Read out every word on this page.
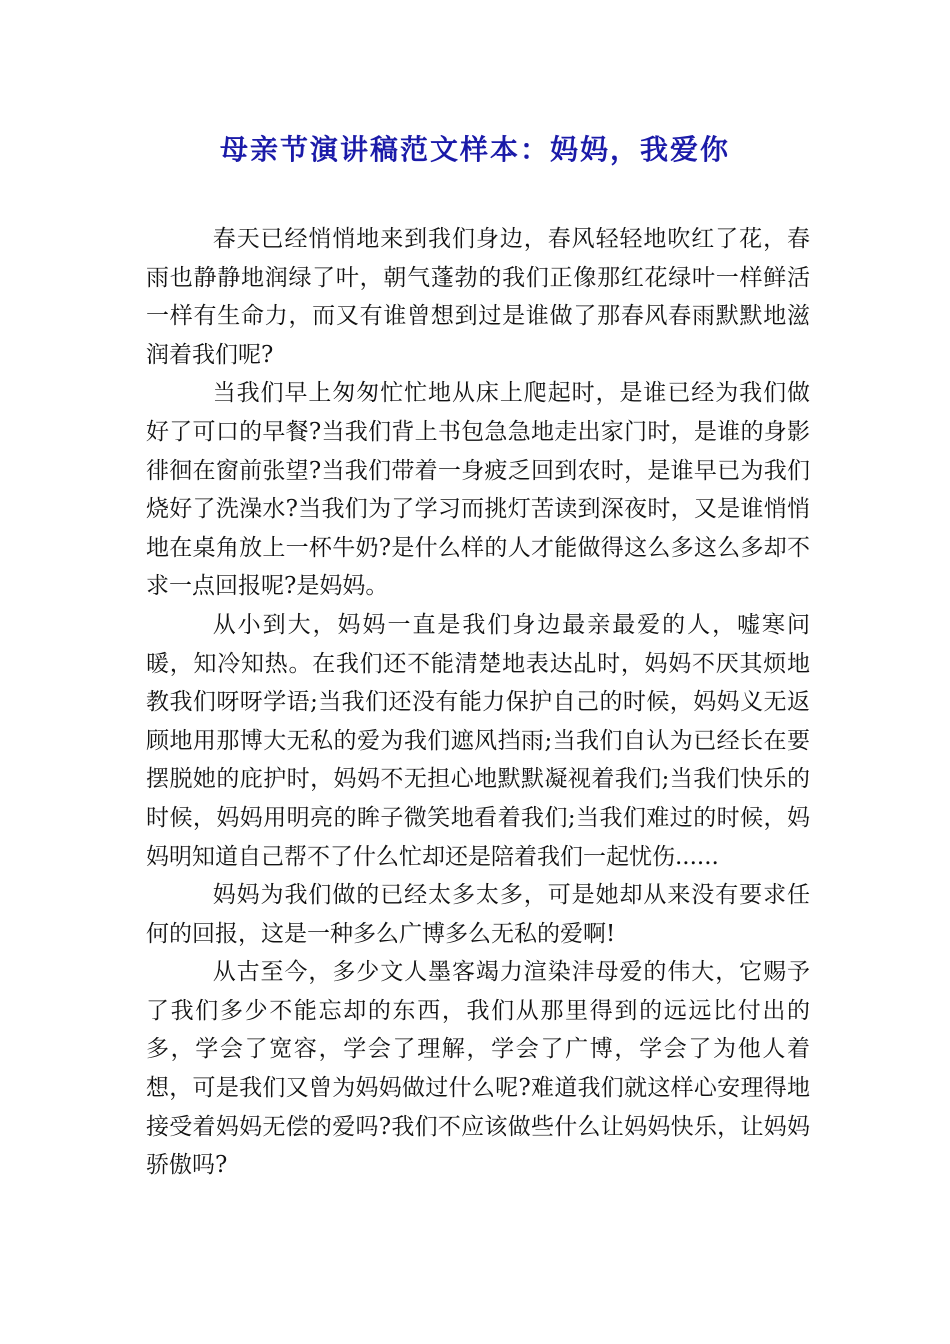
母亲节演讲稿范文样本：妈妈，我爱你

春天已经悄悄地来到我们身边，春风轻轻地吹红了花，春雨也静静地润绿了叶，朝气蓬勃的我们正像那红花绿叶一样鲜活一样有生命力，而又有谁曾想到过是谁做了那春风春雨默默地滋润着我们呢?

当我们早上匆匆忙忙地从床上爬起时，是谁已经为我们做好了可口的早餐?当我们背上书包急急地走出家门时，是谁的身影徘徊在窗前张望?当我们带着一身疲乏回到农时，是谁早已为我们烧好了洗澡水?当我们为了学习而挑灯苦读到深夜时，又是谁悄悄地在桌角放上一杯牛奶?是什么样的人才能做得这么多这么多却不求一点回报呢?是妈妈。

从小到大，妈妈一直是我们身边最亲最爱的人，嘘寒问暖，知冷知热。在我们还不能清楚地表达乩时，妈妈不厌其烦地教我们呀呀学语;当我们还没有能力保护自己的时候，妈妈义无返顾地用那博大无私的爱为我们遮风挡雨;当我们自认为已经长在要摆脱她的庇护时，妈妈不无担心地默默凝视着我们;当我们快乐的时候，妈妈用明亮的眸子微笑地看着我们;当我们难过的时候，妈妈明知道自己帮不了什么忙却还是陪着我们一起忧伤......

妈妈为我们做的已经太多太多，可是她却从来没有要求任何的回报，这是一种多么广博多么无私的爱啊!

从古至今，多少文人墨客竭力渲染沣母爱的伟大，它赐予了我们多少不能忘却的东西，我们从那里得到的远远比付出的多，学会了宽容，学会了理解，学会了广博，学会了为他人着想，可是我们又曾为妈妈做过什么呢?难道我们就这样心安理得地接受着妈妈无偿的爱吗?我们不应该做些什么让妈妈快乐，让妈妈骄傲吗?
